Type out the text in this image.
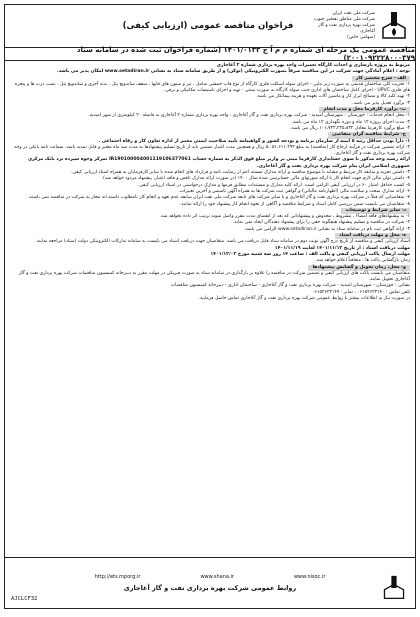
شرکت ملی نفت ایران
شرکت ملی مناطق نفتخیز جنوب
شرکت بهره برداری نفت و گاز آغاجاری
(سهامی خاص)
فراخوان مناقصه عمومی (ارزیابی کیفی)
مناقصه عمومی یک مرحله ای شماره م م آ ج ۱۴۰۱/۰۱۳۳ (شماره فراخوان ثبت شده در سامانه ستاد ۲۰۰۱۰۹۲۲۲۸۰۰۰۳۷۹)

مربوط به پروژه بازسازی و احداث کارگاه تعمیرات واحد بهره برداری شماره ۲ آغاجاری

توجه : اعلام آمادگی جهت شرکت در این مناقصه صرفاً بصورت الکترونیکی (توکن) و از طریق سامانه ستاد به نشانی www.setadiran.ir امکان پذیر می باشد.

الف - شرح مختصر کار

۱- تخریب کلی ساختمان قدیمی به صورت زیر بنایی - اجرای سوله اسکلت فلزی کارگاه از نوع قاب خمشی شامل ، تیر و ستون های قابها ، سقف ساندویچ پنل ، بدنه آجری و ساندویچ پنل ، نصب درب ها و پنجره های فلزی UPVC - اجرای کامل ساختمان های اداری جنب سوله کارگاه به صورت سنتی - تهیه و اجرای تاسیسات مکانیکی و برقی.

۲- تهیه کلیه کالا و مصالح ابزار کار و ماشین آلات بعهده و هزینه پیمانکار می باشد.

۳- برآورد تعدیل پذیر می باشد.

ب- برآورد کارفرما محل و مدت انجام

۱- محل انجام خدمات : خوزستان - شهرستان امیدیه - شرکت بهره برداری نفت و گاز آغاجاری ، واحد بهره برداری شماره ۲ آغاجاری به فاصله ۲۰ کیلومتری از شهر امیدیه.

۲- مدت اجرای پروژه ۱۲ ماه و دوره نگهداری ۱۲ ماه می باشد.

۳- مبلغ برآورد کارفرما معادل ۱۰۱،۷۲۲،۲۲۵،۸۳۲ ریال می باشد.

ج- شرایط مناقصه گران متقاضی

۱- دارا بودن حداقل رتبه ۵ ابنیه از سازمان برنامه و بودجه کشور و گواهینامه تأیید صلاحیت ایمنی معتبر از اداره تعاون کار و رفاه اجتماعی .

۲- ارائه تضمین شرکت در فرآیند ارجاع کار (مناقصه) به مبلغ ۵،۰۵۱،۶۱۱،۲۹۲ ریال و همچنین مدت اعتبار تضمین باید از تاریخ تسلیم پیشنهادها به مدت سه ماه معتبر و قابل تمدید باشد. ضمانت نامه بانکی در وجه شرکت بهره برداری نفت و گاز آغاجاری.

ارائه رسید وجه مذکور با سوی حسابداری کارفرما مبنی بر واریز مبلغ فوق الذکر به شماره حساب IR190100004001119106377061 تمرکز وجوه سپرده نزد بانک مرکزی جمهوری اسلامی ایران بنام شرکت بهره برداری نفت و گاز آغاجاری.

۳- داشتن تجربه و سابقه کار مرتبط و مشابه با موضوع مناقصه و ارائه مدارک مستند اعم از رضایت نامه و قرارداد های انجام شده با سایر کارفرمایان به همراه اسناد ارزیابی کیفی.

۴- داشتن توان مالی لازم جهت انجام کار با ارائه صورتهای مالی حسابرسی شده سال ۱۴۰۰ (در صورت ارائه مدارک ناقص و فاقد اعتبار، پیشنهاد مردود خواهد شد).

۵- کسب حداقل امتیاز ۶۰ در ارزیابی کیفی الزامی است. ارائه کلیه مدارک و مستندات مطابق فرمها و مدارک درخواستی در اسناد ارزیابی کیفی.

۶- ارائه مدارک صحت و سلامت مالی (اظهارنامه مالیاتی) و گواهی ثبت شرکت ها به همراه آگهی تاسیس و آخرین تغییرات.

۷- متقاضیانی که قبلاً در شرکت بهره برداری نفت و گاز آغاجاری و یا سایر شرکت های تابعه شرکت ملی نفت ایران سابقه عدم تعهد و انجام کار نامطلوب داشته اند مجاز به شرکت در مناقصه نمی باشند.

۸- متقاضیان می بایست ضمن بررسی کامل اسناد و شرایط مناقصه و آگاهی از نحوه انجام کار پیشنهاد خود را ارائه نمایند.

د- سایر شرایط و توضیحات

۱- به پیشنهادهای فاقد امضاء ، مشروط ، مخدوش و پیشنهاداتی که بعد از انقضای مدت مقرر واصل شوند ترتیب اثر داده نخواهد شد.

۲- شرکت در مناقصه و تسلیم پیشنهاد هیچگونه حقی را برای پیشنهاد دهندگان ایجاد نمی نماید.

۳- ارائه گواهی ثبت نام در سامانه ستاد به نشانی www.setadiran.ir الزامی می باشد.

ه- محل و مهلت دریافت اسناد

اسناد ارزیابی کیفی و مناقصه از تاریخ درج آگهی نوبت دوم در سامانه ستاد قابل دریافت می باشد. متقاضیان جهت دریافت اسناد می بایست به سامانه تدارکات الکترونیکی دولت (ستاد) مراجعه نمایند.

مهلت دریافت اسناد : از تاریخ ۱۴۰۱/۱۱/۱۲ لغایت ۱۴۰۱/۱۱/۱۹

مهلت ارسال پاکت ارزیابی کیفی و پاکت الف : ساعت ۱۴ روز سه شنبه مورخ ۱۴۰۱/۱۲/۰۲

زمان بازگشایی پاکت ها : متعاقباً اعلام خواهد شد.

و- محل، زمان تحویل و گشایش پیشنهادها

متقاضیان می بایست پاکت های ارزیابی کیفی و تضمین شرکت در مناقصه را علاوه بر بارگذاری در سامانه ستاد به صورت فیزیکی در مهلت مقرر به دبیرخانه کمیسیون مناقصات شرکت بهره برداری نفت و گاز آغاجاری تحویل نمایند.

نشانی : خوزستان - شهرستان امیدیه - شرکت بهره برداری نفت و گاز آغاجاری - ساختمان اداری - دبیرخانه کمیسیون مناقصات

تلفن تماس : ۰۶۱۵۲۶۲۳۱۴۰ ، نمابر : ۰۶۱۵۲۶۲۳۱۴۷

در صورت نیاز به اطلاعات بیشتر با روابط عمومی شرکت بهره برداری نفت و گاز آغاجاری تماس حاصل فرمایید.

http://ets.mporg.ir	www.shana.ir	www.nisoc.ir
روابط عمومی شرکت بهره برداری نفت و گاز آغاجاری
AJCLCF32
